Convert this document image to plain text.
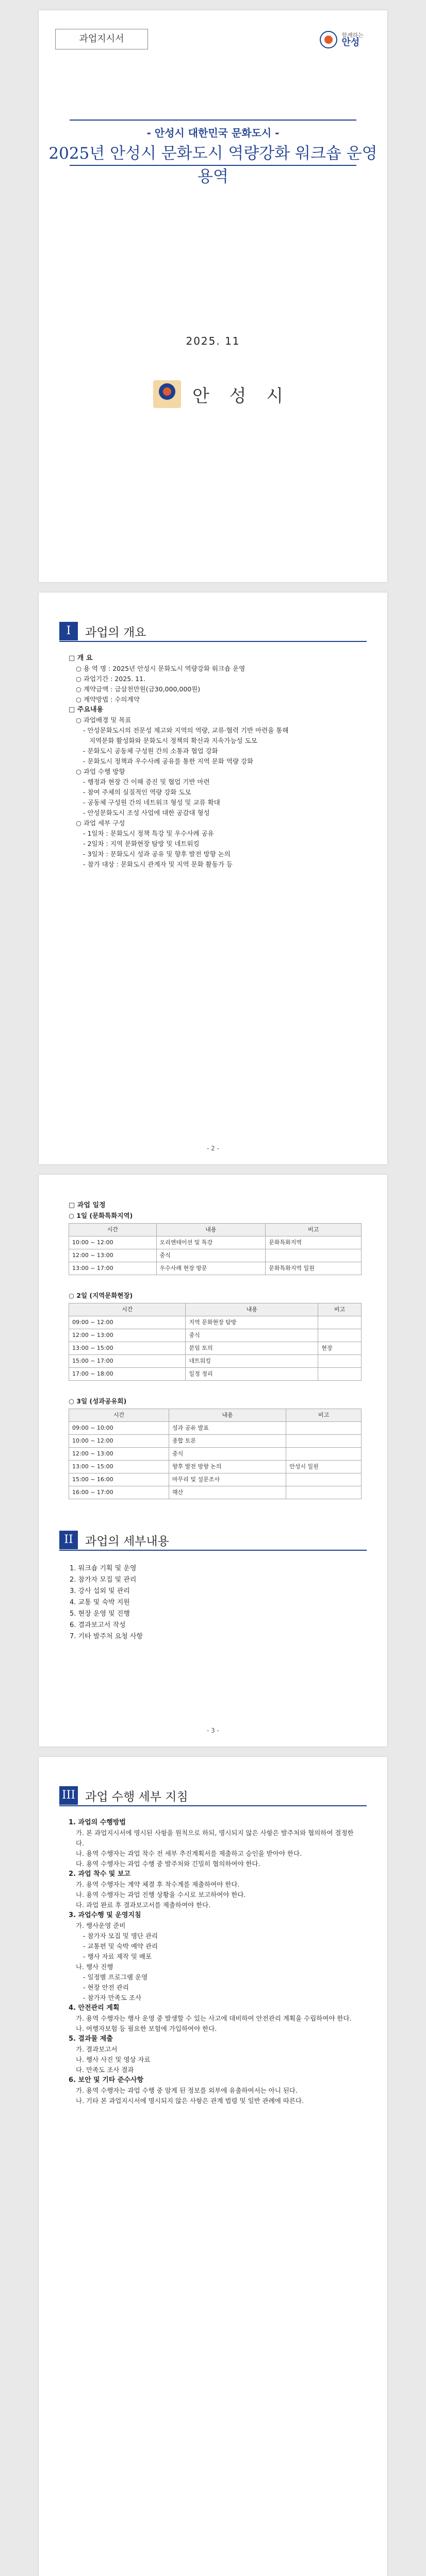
과업지시서	함께하는
안성
- 안성시 대한민국 문화도시 -
2025년 안성시 문화도시 역량강화 워크숍 운영 용역
2025. 11
안 성 시
I	과업의 개요

□ 개 요

○ 용 역 명 : 2025년 안성시 문화도시 역량강화 워크숍 운영

○ 과업기간 : 2025. 11.

○ 계약금액 : 금삼천만원(금30,000,000원)

○ 계약방법 : 수의계약

□ 주요내용

○ 과업배경 및 목표

- 안성문화도시의 전문성 제고와 지역의 역량, 교류·협력 기반 마련을 통해

지역문화 활성화와 문화도시 정책의 확산과 지속가능성 도모

- 문화도시 공동체 구성원 간의 소통과 협업 강화

- 문화도시 정책과 우수사례 공유를 통한 지역 문화 역량 강화

○ 과업 수행 방향

- 행정과 현장 간 이해 증진 및 협업 기반 마련

- 참여 주체의 실질적인 역량 강화 도모

- 공동체 구성원 간의 네트워크 형성 및 교류 확대

- 안성문화도시 조성 사업에 대한 공감대 형성

○ 과업 세부 구성

- 1일차 : 문화도시 정책 특강 및 우수사례 공유

- 2일차 : 지역 문화현장 탐방 및 네트워킹

- 3일차 : 문화도시 성과 공유 및 향후 발전 방향 논의

- 참가 대상 : 문화도시 관계자 및 지역 문화 활동가 등

- 2 -

□ 과업 일정

○ 1일 (문화특화지역)

시간	내용	비고
10:00 ~ 12:00	오리엔테이션 및 특강	문화특화지역
12:00 ~ 13:00	중식	
13:00 ~ 17:00	우수사례 현장 방문	문화특화지역 일원

○ 2일 (지역문화현장)

시간	내용	비고
09:00 ~ 12:00	지역 문화현장 탐방	
12:00 ~ 13:00	중식	
13:00 ~ 15:00	분임 토의	현장
15:00 ~ 17:00	네트워킹	
17:00 ~ 18:00	일정 정리	

○ 3일 (성과공유회)

시간	내용	비고
09:00 ~ 10:00	성과 공유 발표	
10:00 ~ 12:00	종합 토론	
12:00 ~ 13:00	중식	
13:00 ~ 15:00	향후 발전 방향 논의	안성시 일원
15:00 ~ 16:00	마무리 및 설문조사	
16:00 ~ 17:00	해산	
II	과업의 세부내용

1. 워크숍 기획 및 운영

2. 참가자 모집 및 관리

3. 강사 섭외 및 관리

4. 교통 및 숙박 지원

5. 현장 운영 및 진행

6. 결과보고서 작성

7. 기타 발주처 요청 사항

- 3 -
III 과업 수행 세부 지침

1. 과업의 수행방법

가. 본 과업지시서에 명시된 사항을 원칙으로 하되, 명시되지 않은 사항은 발주처와 협의하여 결정한다.

나. 용역 수행자는 과업 착수 전 세부 추진계획서를 제출하고 승인을 받아야 한다.

다. 용역 수행자는 과업 수행 중 발주처와 긴밀히 협의하여야 한다.

2. 과업 착수 및 보고

가. 용역 수행자는 계약 체결 후 착수계를 제출하여야 한다.

나. 용역 수행자는 과업 진행 상황을 수시로 보고하여야 한다.

다. 과업 완료 후 결과보고서를 제출하여야 한다.

3. 과업수행 및 운영지침

가. 행사운영 준비

- 참가자 모집 및 명단 관리

- 교통편 및 숙박 예약 관리

- 행사 자료 제작 및 배포

나. 행사 진행

- 일정별 프로그램 운영

- 현장 안전 관리

- 참가자 만족도 조사

4. 안전관리 계획

가. 용역 수행자는 행사 운영 중 발생할 수 있는 사고에 대비하여 안전관리 계획을 수립하여야 한다.

나. 여행자보험 등 필요한 보험에 가입하여야 한다.

5. 결과물 제출

가. 결과보고서

나. 행사 사진 및 영상 자료

다. 만족도 조사 결과

6. 보안 및 기타 준수사항

가. 용역 수행자는 과업 수행 중 알게 된 정보를 외부에 유출하여서는 아니 된다.

나. 기타 본 과업지시서에 명시되지 않은 사항은 관계 법령 및 일반 관례에 따른다.
